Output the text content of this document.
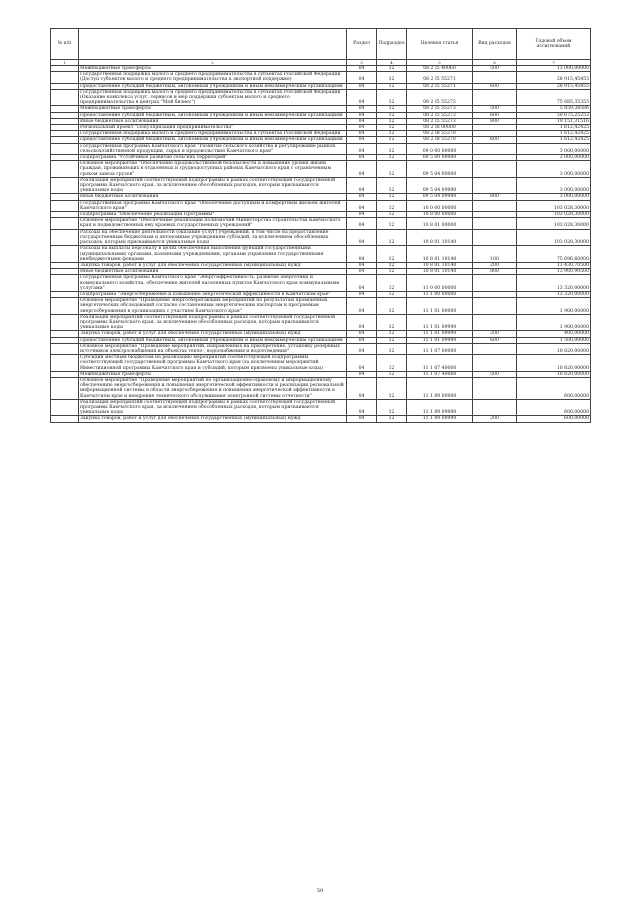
№ п/п		Раздел	Подраздел	Целевая статья	Вид расходов	Годовой объем ассигнований
1	2	3	4	5	6	7
	Межбюджетные трансферты	04	12	08 2 I5 40060	500	13 000,00000
	Государственная поддержка малого и среднего предпринимательства в субъектах Российской Федерации (Доступ субъектов малого и среднего предпринимательства к экспортной поддержке)	04	12	08 2 I5 55271		28 915,45455
	Предоставление субсидий бюджетным, автономным учреждениям и иным некоммерческим организациям	04	12	08 2 I5 55271	600	28 915,45455
	Государственная поддержка малого и среднего предпринимательства в субъектах Российской Федерации (Оказание комплекса услуг, сервисов и мер поддержки субъектам малого и среднего предпринимательства в центрах "Мой бизнес")	04	12	08 2 I5 55273		75 685,35355
	Межбюджетные трансферты	04	12	08 2 I5 55273	500	5 859,38586
	Предоставление субсидий бюджетным, автономным учреждениям и иным некоммерческим организациям	04	12	08 2 I5 55273	600	50 675,25253
	Иные бюджетные ассигнования	04	12	08 2 I5 55273	800	19 151,31516
	Региональный проект "Популяризация предпринимательства"	04	12	08 2 I8 00000		1 612,42425
	Государственная поддержка малого и среднего предпринимательства в субъектах Российской Федерации	04	12	08 2 I8 55270		1 612,42425
	Предоставление субсидий бюджетным, автономным учреждениям и иным некоммерческим организациям	04	12	08 2 I8 55270	600	1 612,42425
	Государственная программа Камчатского края "Развитие сельского хозяйства и регулирование рынков сельскохозяйственной продукции, сырья и продовольствия Камчатского края"	04	12	09 0 00 00000		3 000,00000
	Подпрограмма "Устойчивое развитие сельских территорий"	04	12	09 5 00 00000		3 000,00000
	Основное мероприятие "Обеспечение продовольственной безопасности и повышение уровня жизни граждан, проживающих в отдаленных и труднодоступных районах Камчатского края с ограниченным сроком завоза грузов"	04	12	09 5 04 00000		3 000,00000
	Реализация мероприятий соответствующей подпрограммы в рамках соответствующей государственной программы Камчатского края, за исключением обособленных расходов, которым присваиваются уникальные коды	04	12	09 5 04 09990		3 000,00000
	Иные бюджетные ассигнования	04	12	09 5 04 09990	800	3 000,00000
	Государственная программа Камчатского края "Обеспечение доступным и комфортным жильем жителей Камчатского края"	04	12	10 0 00 00000		103 028,30000
	Подпрограмма "Обеспечение реализации Программы"	04	12	10 8 00 00000		103 028,30000
	Основное мероприятие "Обеспечение реализации полномочий Министерства строительства Камчатского края и подведомственных ему краевых государственных учреждений"	04	12	10 8 01 00000		103 028,30000
	Расходы на обеспечение деятельности (оказание услуг) учреждений, в том числе на предоставление государственным бюджетным и автономным учреждениям субсидий, за исключением обособленных расходов, которым присваиваются уникальные коды	04	12	10 8 01 10140		103 028,30000
	Расходы на выплаты персоналу в целях обеспечения выполнения функций государственными (муниципальными) органами, казенными учреждениями, органами управления государственными внебюджетными фондами	04	12	10 8 01 10140	100	75 696,60000
	Закупка товаров, работ и услуг для обеспечения государственных (муниципальных) нужд	04	12	10 8 01 10140	200	13 430,70500
	Иные бюджетные ассигнования	04	12	10 8 01 10140	800	13 900,99500
	Государственная программа Камчатского края "Энергоэффективность, развитие энергетики и коммунального хозяйства, обеспечение жителей населенных пунктов Камчатского края коммунальными услугами"	04	12	11 0 00 00000		13 320,00000
	Подпрограмма "Энергосбережение и повышение энергетической эффективности в Камчатском крае"	04	12	11 1 00 00000		13 320,00000
	Основное мероприятие "Проведение энергосберегающих мероприятий по результатам проведенных энергетических обследований согласно составленным энергетическим паспортам и программам энергосбережения в организациях с участием Камчатского края"	04	12	11 1 01 00000		1 900,00000
	Реализация мероприятий соответствующей подпрограммы в рамках соответствующей государственной программы Камчатского края, за исключением обособленных расходов, которым присваиваются уникальные коды	04	12	11 1 01 09990		1 900,00000
	Закупка товаров, работ и услуг для обеспечения государственных (муниципальных) нужд	04	12	11 1 01 09990	200	400,00000
	Предоставление субсидий бюджетным, автономным учреждениям и иным некоммерческим организациям	04	12	11 1 01 09990	600	1 500,00000
	Основное мероприятие "Проведение мероприятий, направленных на приобретение, установку резервных источников электроснабжения на объектах тепло-, водоснабжения и водоотведения"	04	12	11 1 07 00000		10 820,00000
	Субсидии местным бюджетам на реализацию мероприятий соответствующей подпрограммы соответствующей государственной программы Камчатского края (за исключением мероприятий Инвестиционной программы Камчатского края и субсидий, которым присвоены уникальные коды)	04	12	11 1 07 40060		10 820,00000
	Межбюджетные трансферты	04	12	11 1 07 40060	500	10 820,00000
	Основное мероприятие "Проведение мероприятий по организационно-правовому и информационному обеспечению энергосбережения и повышения энергетической эффективности и реализации региональной информационной системы в области энергосбережения и повышения энергетической эффективности в Камчатском крае и внедрение технического обслуживания электронной системы отчетности"	04	12	11 1 09 00000		600,00000
	Реализация мероприятий соответствующей подпрограммы в рамках соответствующей государственной программы Камчатского края, за исключением обособленных расходов, которым присваиваются уникальные коды	04	12	11 1 09 09990		600,00000
	Закупка товаров, работ и услуг для обеспечения государственных (муниципальных) нужд	04	12	11 1 09 09990	200	600,00000
50
